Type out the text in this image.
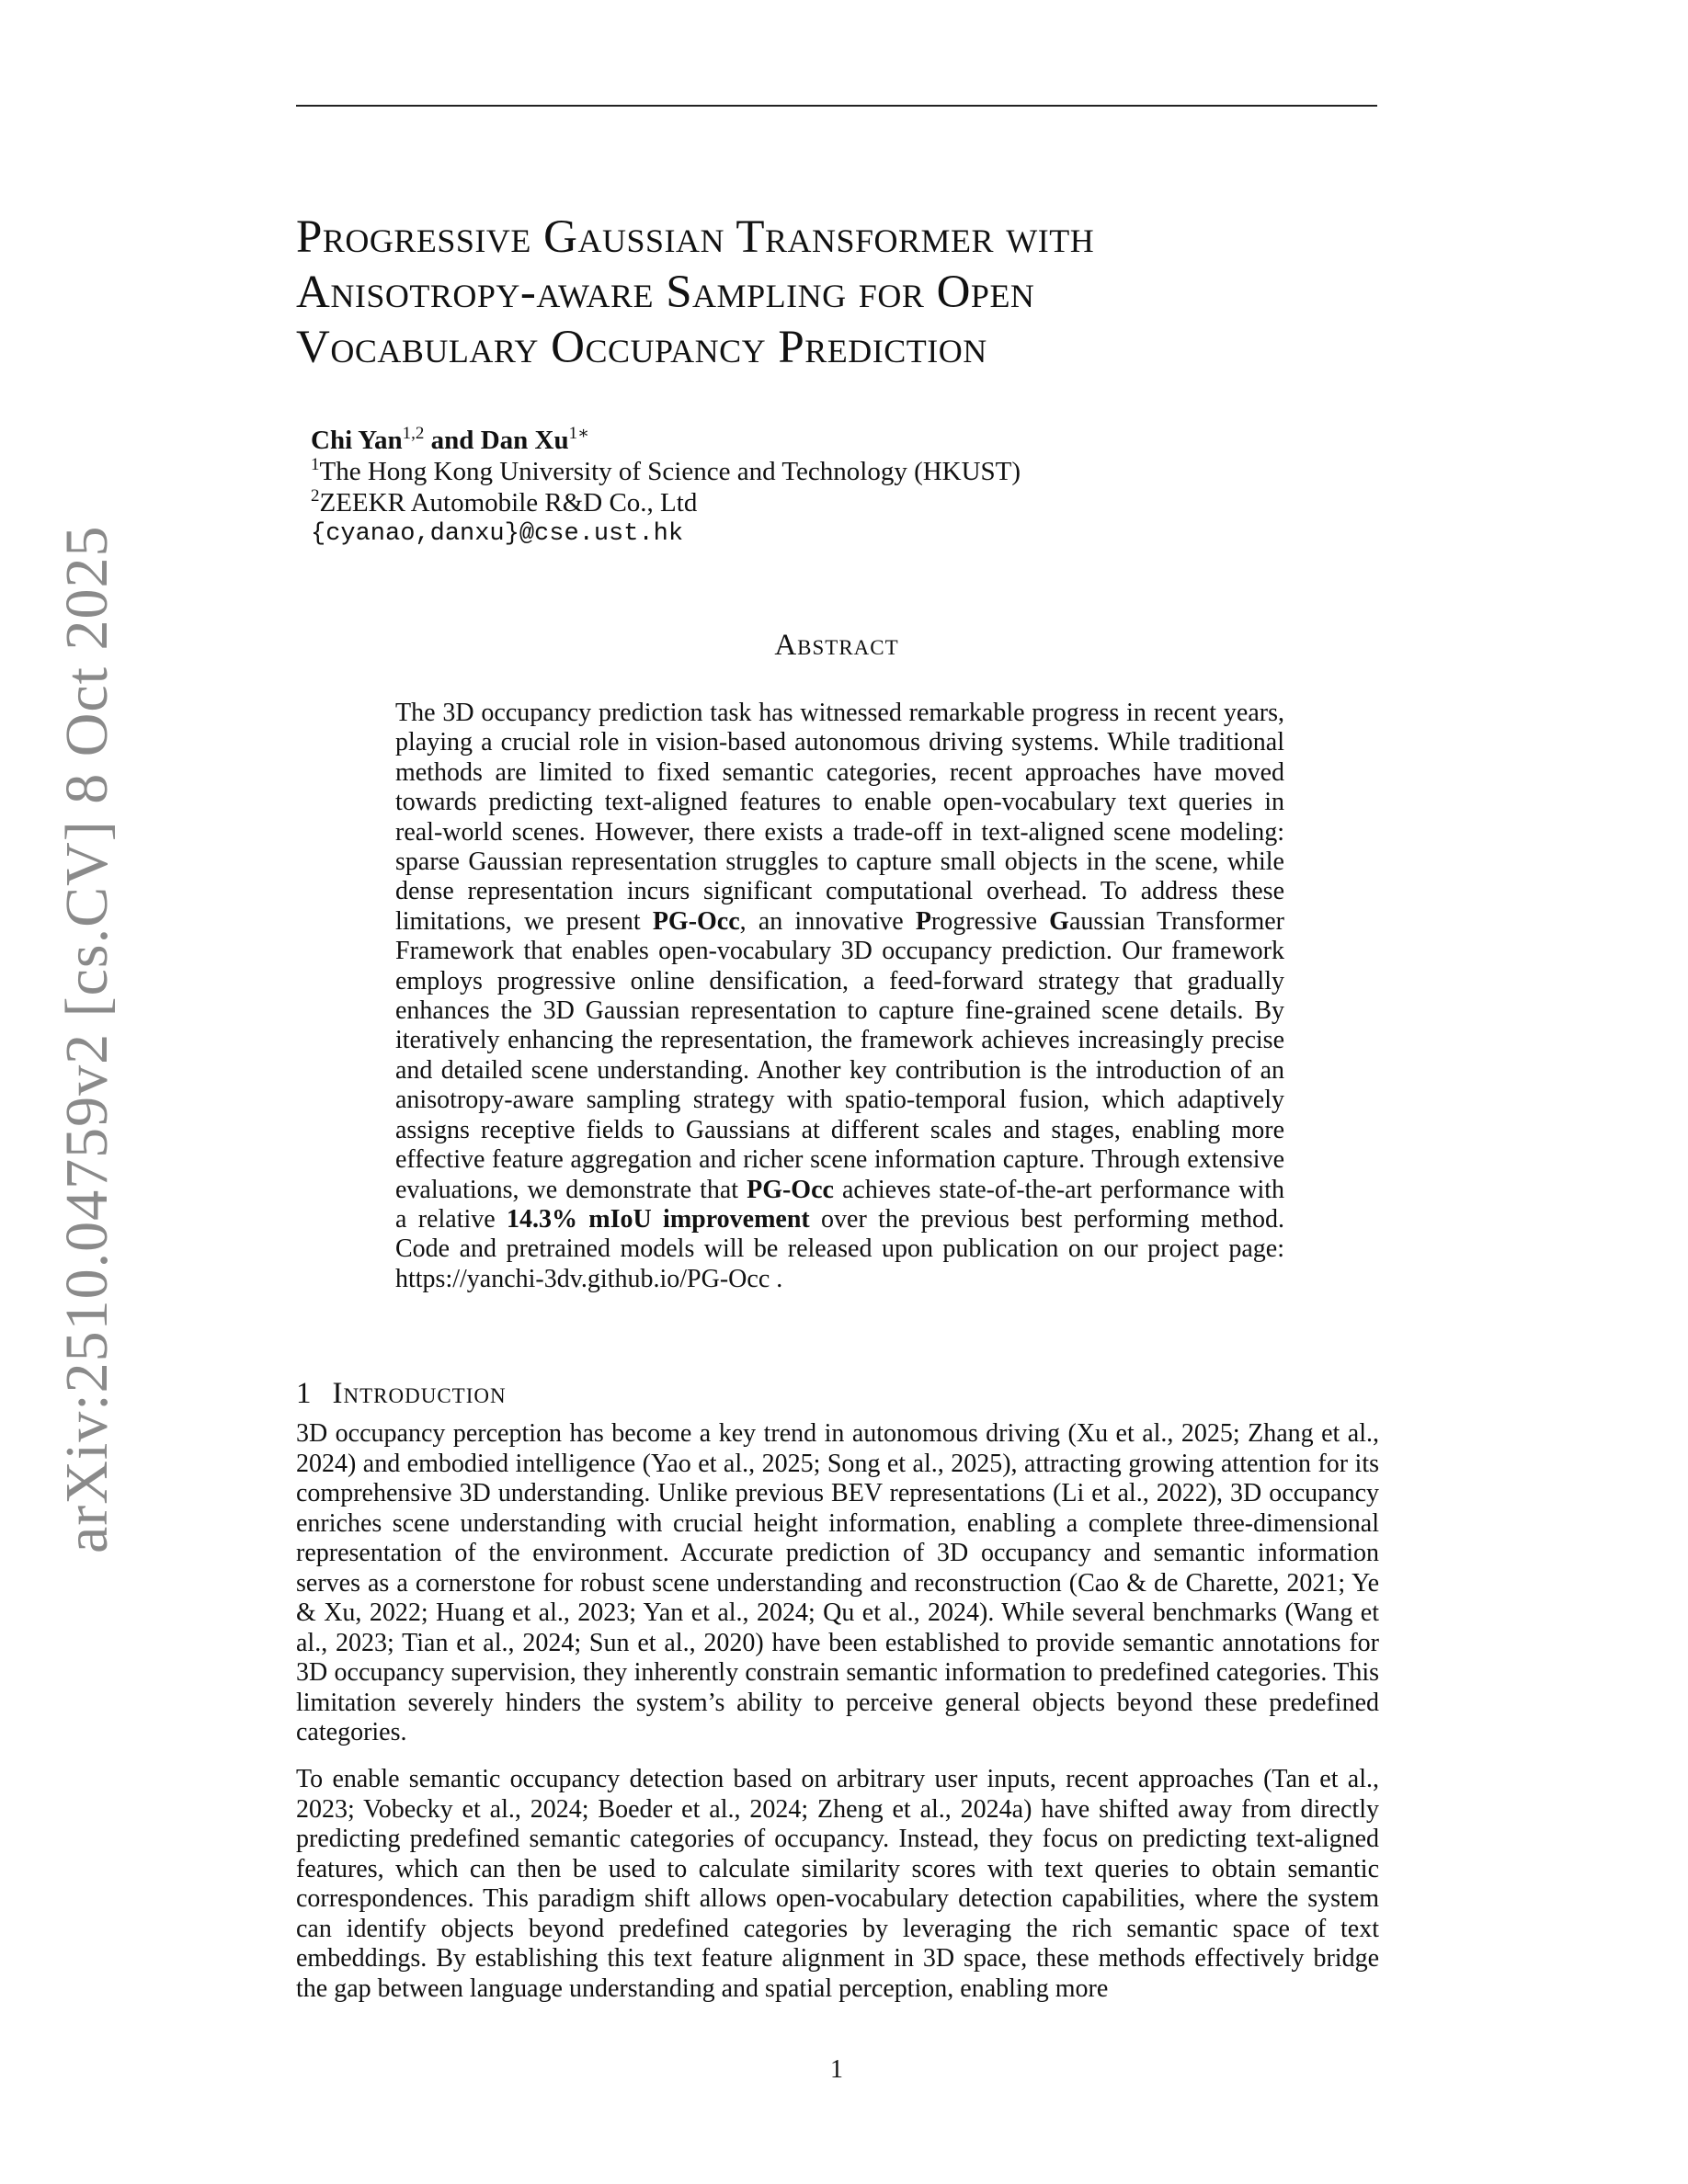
Progressive Gaussian Transformer with
Anisotropy-aware Sampling for Open
Vocabulary Occupancy Prediction
Chi Yan$^{1,2}$ and Dan $Xu^{1∗}$
$^1$The Hong Kong University of Science and Technology (HKUST)
$^2$ZEEKR Automobile R&D Co., Ltd
{cyanao,danxu}@cse.ust.hk
arXiv:2510.04759v2 [cs.CV] 8 Oct 2025	Abstract

The 3D occupancy prediction task has witnessed remarkable progress in recent years, playing a crucial role in vision-based autonomous driving systems. While traditional methods are limited to fixed semantic categories, recent approaches have moved towards predicting text-aligned features to enable open-vocabulary text queries in real-world scenes. However, there exists a trade-off in text-aligned scene modeling: sparse Gaussian representation struggles to capture small objects in the scene, while dense representation incurs significant computational overhead. To address these limitations, we present PG-Occ, an innovative Progressive Gaussian Transformer Framework that enables open-vocabulary 3D occupancy prediction. Our framework employs progressive online densification, a feed-forward strategy that gradually enhances the 3D Gaussian representation to capture fine-grained scene details. By iteratively enhancing the representation, the framework achieves increasingly precise and detailed scene understanding. Another key contribution is the introduction of an anisotropy-aware sampling strategy with spatio-temporal fusion, which adaptively assigns receptive fields to Gaussians at different scales and stages, enabling more effective feature aggregation and richer scene information capture. Through extensive evaluations, we demonstrate that PG-Occ achieves state-of-the-art performance with a relative 14.3% mIoU improvement over the previous best performing method. Code and pretrained models will be released upon publication on our project page: https://yanchi-3dv.github.io/PG-Occ .

1 Introduction

3D occupancy perception has become a key trend in autonomous driving (Xu et al., 2025; Zhang et al., 2024) and embodied intelligence (Yao et al., 2025; Song et al., 2025), attracting growing attention for its comprehensive 3D understanding. Unlike previous BEV representations (Li et al., 2022), 3D occupancy enriches scene understanding with crucial height information, enabling a complete three-dimensional representation of the environment. Accurate prediction of 3D occupancy and semantic information serves as a cornerstone for robust scene understanding and reconstruction (Cao & de Charette, 2021; Ye & Xu, 2022; Huang et al., 2023; Yan et al., 2024; Qu et al., 2024). While several benchmarks (Wang et al., 2023; Tian et al., 2024; Sun et al., 2020) have been established to provide semantic annotations for 3D occupancy supervision, they inherently constrain semantic information to predefined categories. This limitation severely hinders the system’s ability to perceive general objects beyond these predefined categories.

To enable semantic occupancy detection based on arbitrary user inputs, recent approaches (Tan et al., 2023; Vobecky et al., 2024; Boeder et al., 2024; Zheng et al., 2024a) have shifted away from directly predicting predefined semantic categories of occupancy. Instead, they focus on predicting text-aligned features, which can then be used to calculate similarity scores with text queries to obtain semantic correspondences. This paradigm shift allows open-vocabulary detection capabilities, where the system can identify objects beyond predefined categories by leveraging the rich semantic space of text embeddings. By establishing this text feature alignment in 3D space, these methods effectively bridge the gap between language understanding and spatial perception, enabling more

1
